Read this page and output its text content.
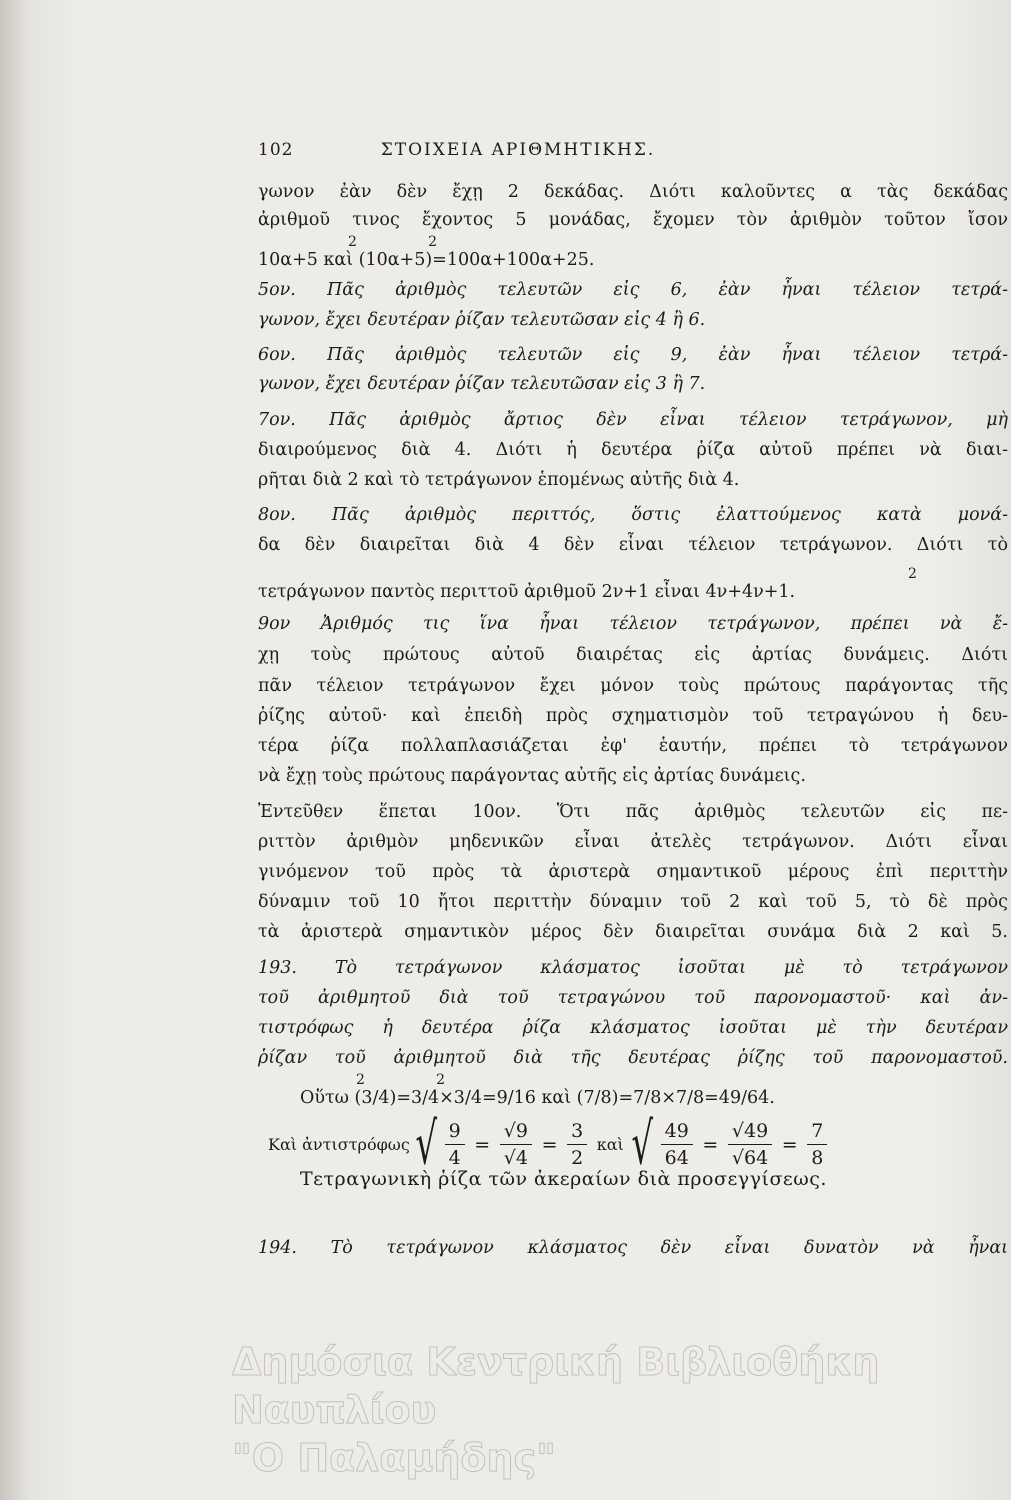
102	ΣΤΟΙΧΕΙΑ ΑΡΙΘΜΗΤΙΚΗΣ.
γωνον ἐὰν δὲν ἔχῃ 2 δεκάδας. Διότι καλοῦντες α τὰς δεκάδας
ἀριθμοῦ τινος ἔχοντος 5 μονάδας, ἔχομεν τὸν ἀριθμὸν τοῦτον ἴσον
2                2
10α+5 καὶ (10α+5)=100α+100α+25.
5ον. Πᾶς ἀριθμὸς τελευτῶν εἰς 6, ἐὰν ἦναι τέλειον τετρά-
γωνον, ἔχει δευτέραν ῥίζαν τελευτῶσαν εἰς 4 ἢ 6.
6ον. Πᾶς ἀριθμὸς τελευτῶν εἰς 9, ἐὰν ἦναι τέλειον τετρά-
γωνον, ἔχει δευτέραν ῥίζαν τελευτῶσαν εἰς 3 ἢ 7.
7ον. Πᾶς ἀριθμὸς ἄρτιος δὲν εἶναι τέλειον τετράγωνον, μὴ
διαιρούμενος διὰ 4. Διότι ἡ δευτέρα ῥίζα αὐτοῦ πρέπει νὰ διαι-
ρῆται διὰ 2 καὶ τὸ τετράγωνον ἑπομένως αὐτῆς διὰ 4.
8ον. Πᾶς ἀριθμὸς περιττός, ὅστις ἐλαττούμενος κατὰ μονά-
δα δὲν διαιρεῖται διὰ 4 δὲν εἶναι τέλειον τετράγωνον. Διότι τὸ
2
τετράγωνον παντὸς περιττοῦ ἀριθμοῦ 2ν+1 εἶναι 4ν+4ν+1.
9ον Ἀριθμός τις ἵνα ἦναι τέλειον τετράγωνον, πρέπει νὰ ἔ-
χῃ τοὺς πρώτους αὐτοῦ διαιρέτας εἰς ἀρτίας δυνάμεις. Διότι
πᾶν τέλειον τετράγωνον ἔχει μόνον τοὺς πρώτους παράγοντας τῆς
ῥίζης αὐτοῦ· καὶ ἐπειδὴ πρὸς σχηματισμὸν τοῦ τετραγώνου ἡ δευ-
τέρα ῥίζα πολλαπλασιάζεται ἐφ' ἑαυτήν, πρέπει τὸ τετράγωνον
νὰ ἔχῃ τοὺς πρώτους παράγοντας αὐτῆς εἰς ἀρτίας δυνάμεις.
Ἐντεῦθεν ἕπεται 10ον. Ὅτι πᾶς ἀριθμὸς τελευτῶν εἰς πε-
ριττὸν ἀριθμὸν μηδενικῶν εἶναι ἀτελὲς τετράγωνον. Διότι εἶναι
γινόμενον τοῦ πρὸς τὰ ἀριστερὰ σημαντικοῦ μέρους ἐπὶ περιττὴν
δύναμιν τοῦ 10 ἤτοι περιττὴν δύναμιν τοῦ 2 καὶ τοῦ 5, τὸ δὲ πρὸς
τὰ ἀριστερὰ σημαντικὸν μέρος δὲν διαιρεῖται συνάμα διὰ 2 καὶ 5.
193. Τὸ τετράγωνον κλάσματος ἰσοῦται μὲ τὸ τετράγωνον
τοῦ ἀριθμητοῦ διὰ τοῦ τετραγώνου τοῦ παρονομαστοῦ· καὶ ἀν-
τιστρόφως ἡ δευτέρα ῥίζα κλάσματος ἰσοῦται μὲ τὴν δευτέραν
ῥίζαν τοῦ ἀριθμητοῦ διὰ τῆς δευτέρας ῥίζης τοῦ παρονομαστοῦ.
2                2
Οὕτω (3/4)=3/4×3/4=9/16 καὶ (7/8)=7/8×7/8=49/64.
Καὶ ἀντιστρόφως √ $\frac{9}{4} = \frac{√9}{√4} = \frac{3}{2}$ καὶ √ $\frac{49}{64} = \frac{√49}{√64} = \frac{7}{8}$
Τετραγωνικὴ ῥίζα τῶν ἀκεραίων διὰ προσεγγίσεως.
194. Τὸ τετράγωνον κλάσματος δὲν εἶναι δυνατὸν νὰ ἦναι
Δημόσια Κεντρική Βιβλιοθήκη Ναυπλίου
"Ο Παλαμήδης"
